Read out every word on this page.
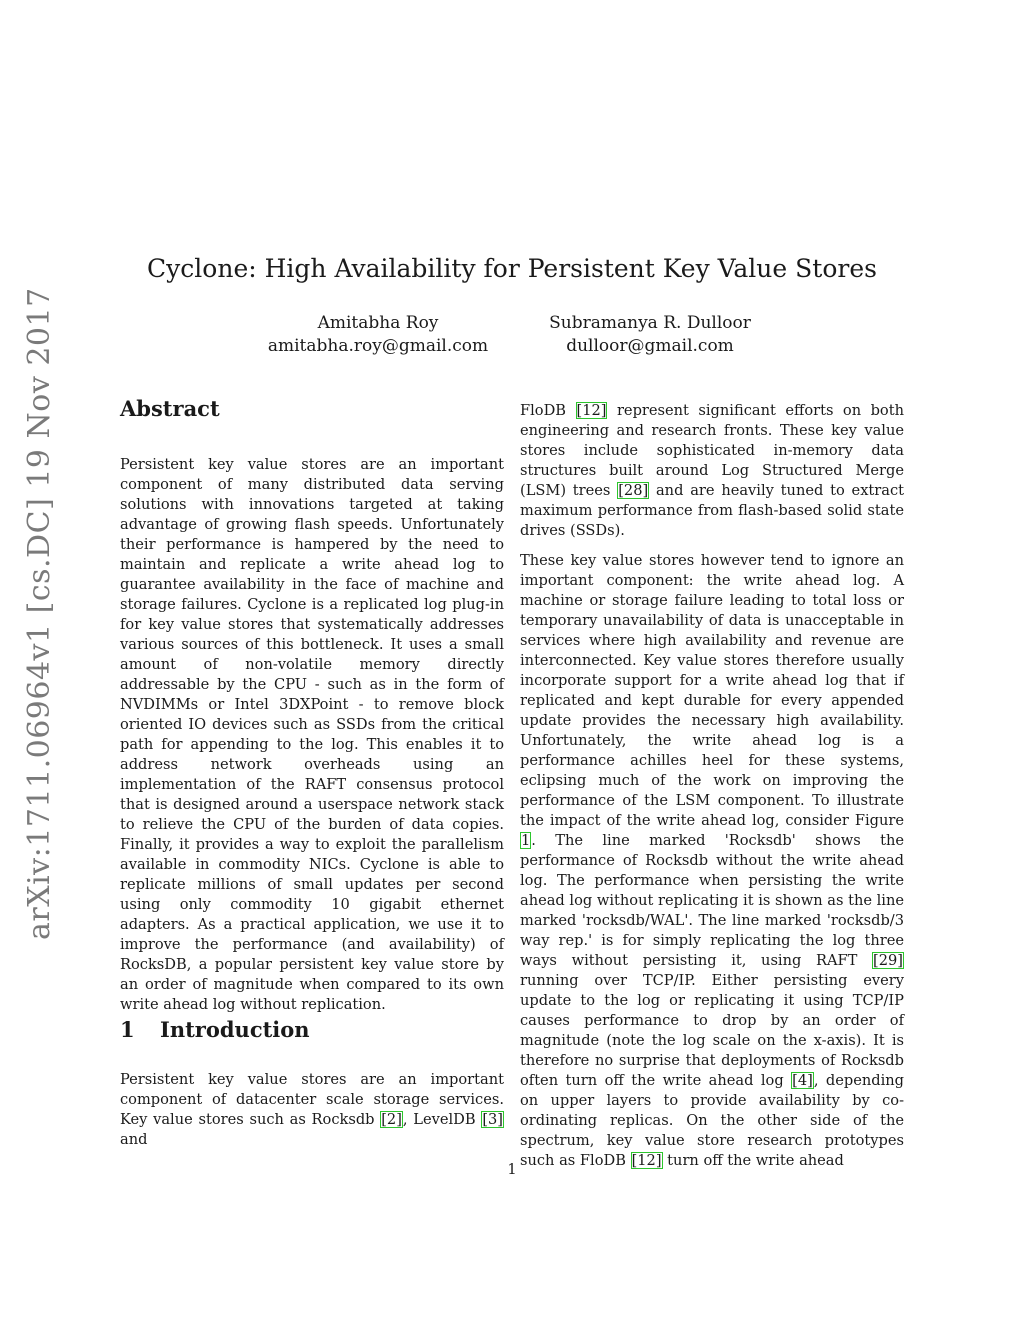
arXiv:1711.06964v1 [cs.DC] 19 Nov 2017
Cyclone: High Availability for Persistent Key Value Stores
Amitabha Roy
amitabha.roy@gmail.com
Subramanya R. Dulloor
dulloor@gmail.com
Abstract
Persistent key value stores are an important component of many distributed data serving solutions with innovations targeted at taking advantage of growing flash speeds. Unfortunately their performance is hampered by the need to maintain and replicate a write ahead log to guarantee availability in the face of machine and storage failures. Cyclone is a replicated log plug-in for key value stores that systematically addresses various sources of this bottleneck. It uses a small amount of non-volatile memory directly addressable by the CPU - such as in the form of NVDIMMs or Intel 3DXPoint - to remove block oriented IO devices such as SSDs from the critical path for appending to the log. This enables it to address network overheads using an implementation of the RAFT consensus protocol that is designed around a userspace network stack to relieve the CPU of the burden of data copies. Finally, it provides a way to exploit the parallelism available in commodity NICs. Cyclone is able to replicate millions of small updates per second using only commodity 10 gigabit ethernet adapters. As a practical application, we use it to improve the performance (and availability) of RocksDB, a popular persistent key value store by an order of magnitude when compared to its own write ahead log without replication.
1 Introduction
Persistent key value stores are an important component of datacenter scale storage services. Key value stores such as Rocksdb [2], LevelDB [3] and
FloDB [12] represent significant efforts on both engineering and research fronts. These key value stores include sophisticated in-memory data structures built around Log Structured Merge (LSM) trees [28] and are heavily tuned to extract maximum performance from flash-based solid state drives (SSDs).
These key value stores however tend to ignore an important component: the write ahead log. A machine or storage failure leading to total loss or temporary unavailability of data is unacceptable in services where high availability and revenue are interconnected. Key value stores therefore usually incorporate support for a write ahead log that if replicated and kept durable for every appended update provides the necessary high availability. Unfortunately, the write ahead log is a performance achilles heel for these systems, eclipsing much of the work on improving the performance of the LSM component. To illustrate the impact of the write ahead log, consider Figure 1. The line marked 'Rocksdb' shows the performance of Rocksdb without the write ahead log. The performance when persisting the write ahead log without replicating it is shown as the line marked 'rocksdb/WAL'. The line marked 'rocksdb/3 way rep.' is for simply replicating the log three ways without persisting it, using RAFT [29] running over TCP/IP. Either persisting every update to the log or replicating it using TCP/IP causes performance to drop by an order of magnitude (note the log scale on the x-axis). It is therefore no surprise that deployments of Rocksdb often turn off the write ahead log [4], depending on upper layers to provide availability by co-ordinating replicas. On the other side of the spectrum, key value store research prototypes such as FloDB [12] turn off the write ahead
1
